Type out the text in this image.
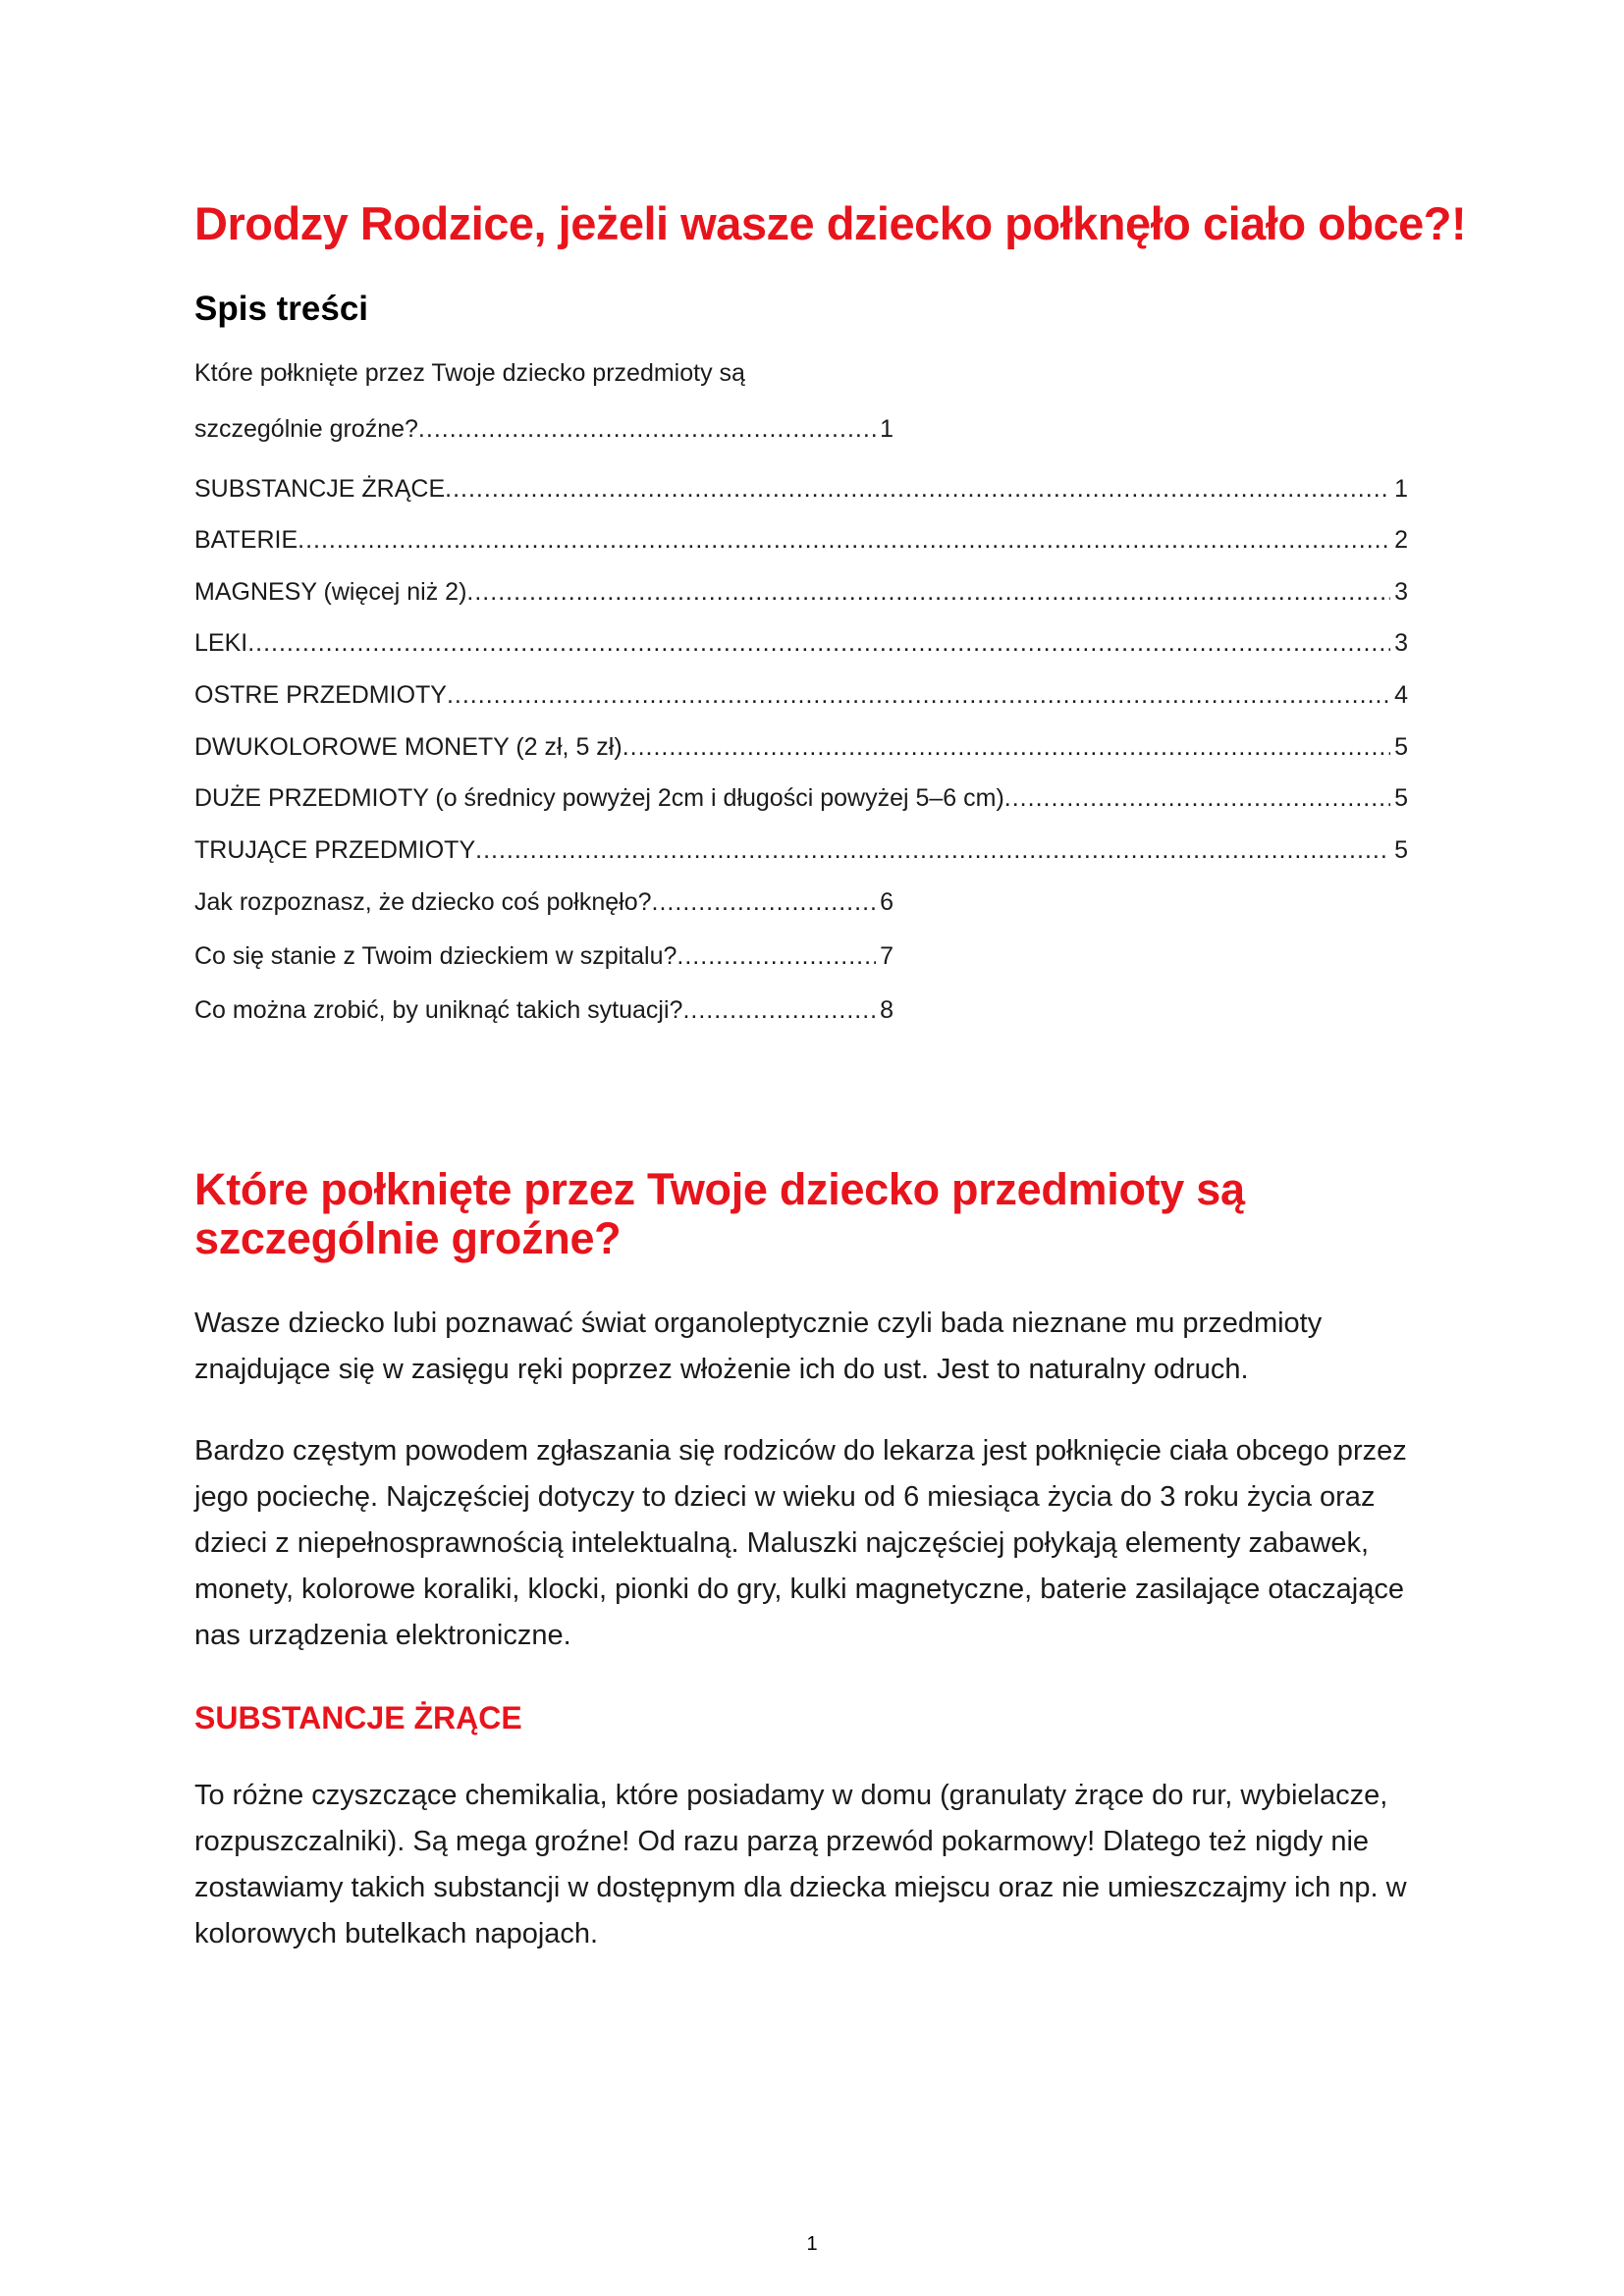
Drodzy Rodzice, jeżeli wasze dziecko połknęło ciało obce?!
Spis treści
Które połknięte przez Twoje dziecko przedmioty są
szczególnie groźne? .....	1
SUBSTANCJE ŻRĄCE .....	1
BATERIE .....	2
MAGNESY (więcej niż 2) .....	3
LEKI .....	3
OSTRE PRZEDMIOTY .....	4
DWUKOLOROWE MONETY (2 zł, 5 zł) .....	5
DUŻE PRZEDMIOTY (o średnicy powyżej 2cm i długości powyżej 5–6 cm) .....	5
TRUJĄCE PRZEDMIOTY .....	5
Jak rozpoznasz, że dziecko coś połknęło? .....	6
Co się stanie z Twoim dzieckiem w szpitalu? .....	7
Co można zrobić, by uniknąć takich sytuacji? .....	8
Które połknięte przez Twoje dziecko przedmioty są szczególnie groźne?

Wasze dziecko lubi poznawać świat organoleptycznie czyli bada nieznane mu przedmioty znajdujące się w zasięgu ręki poprzez włożenie ich do ust. Jest to naturalny odruch.

Bardzo częstym powodem zgłaszania się rodziców do lekarza jest połknięcie ciała obcego przez jego pociechę. Najczęściej dotyczy to dzieci w wieku od 6 miesiąca życia do 3 roku życia oraz dzieci z niepełnosprawnością intelektualną. Maluszki najczęściej połykają elementy zabawek, monety, kolorowe koraliki, klocki, pionki do gry, kulki magnetyczne, baterie zasilające otaczające nas urządzenia elektroniczne.

SUBSTANCJE ŻRĄCE

To różne czyszczące chemikalia, które posiadamy w domu (granulaty żrące do rur, wybielacze, rozpuszczalniki). Są mega groźne! Od razu parzą przewód pokarmowy! Dlatego też nigdy nie zostawiamy takich substancji w dostępnym dla dziecka miejscu oraz nie umieszczajmy ich np. w kolorowych butelkach napojach.

1
